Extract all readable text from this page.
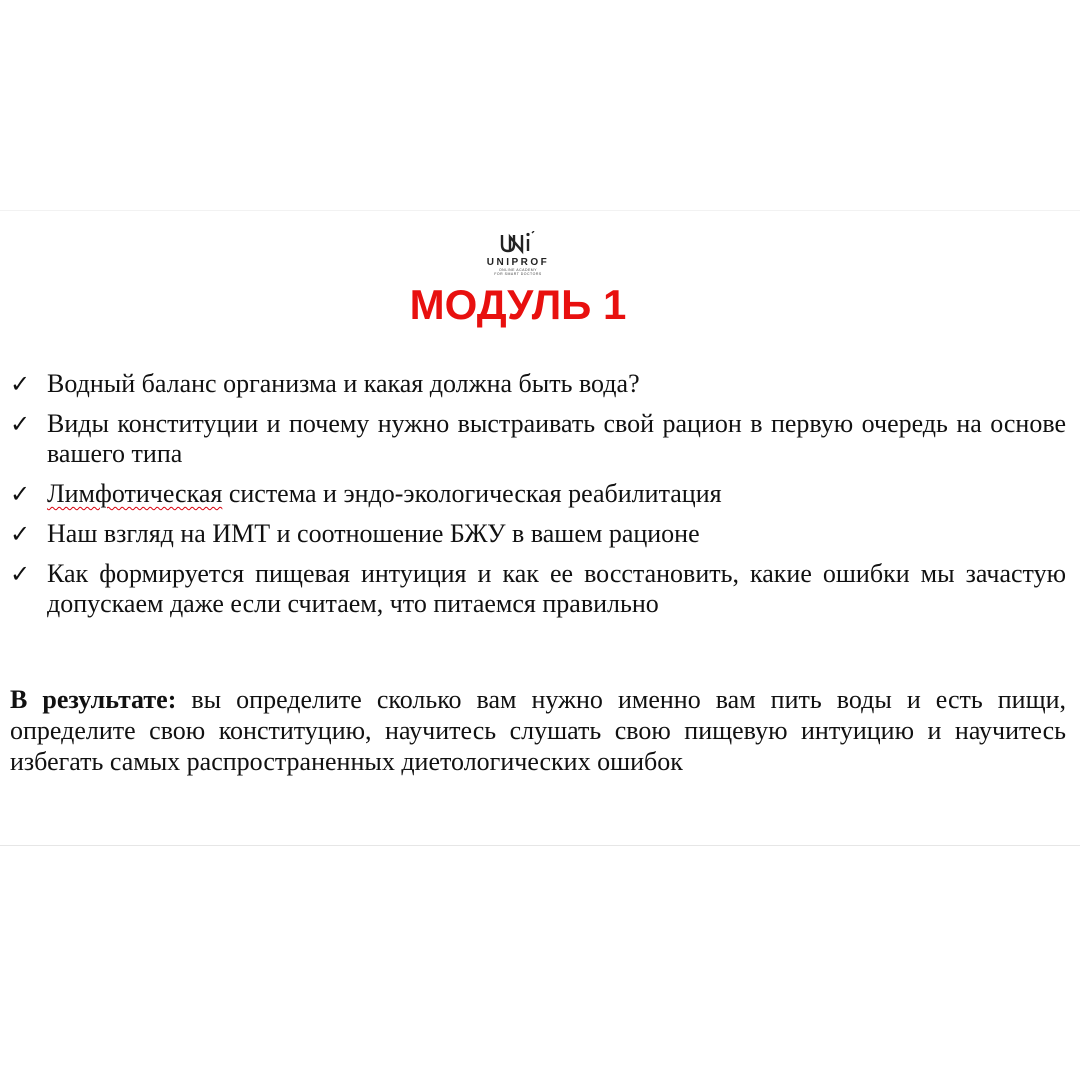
UNIPROF
ONLINE ACADEMY
FOR SMART DOCTORS
МОДУЛЬ 1
✓ Водный баланс организма и какая должна быть вода?
✓ Виды конституции и почему нужно выстраивать свой рацион в первую очередь на основе вашего типа
✓ Лимфотическая система и эндо-экологическая реабилитация
✓ Наш взгляд на ИМТ и соотношение БЖУ в вашем рационе
✓ Как формируется пищевая интуиция и как ее восстановить, какие ошибки мы зачастую допускаем даже если считаем, что питаемся правильно

В результате: вы определите сколько вам нужно именно вам пить воды и есть пищи, определите свою конституцию, научитесь слушать свою пищевую интуицию и научитесь избегать самых распространенных диетологических ошибок
